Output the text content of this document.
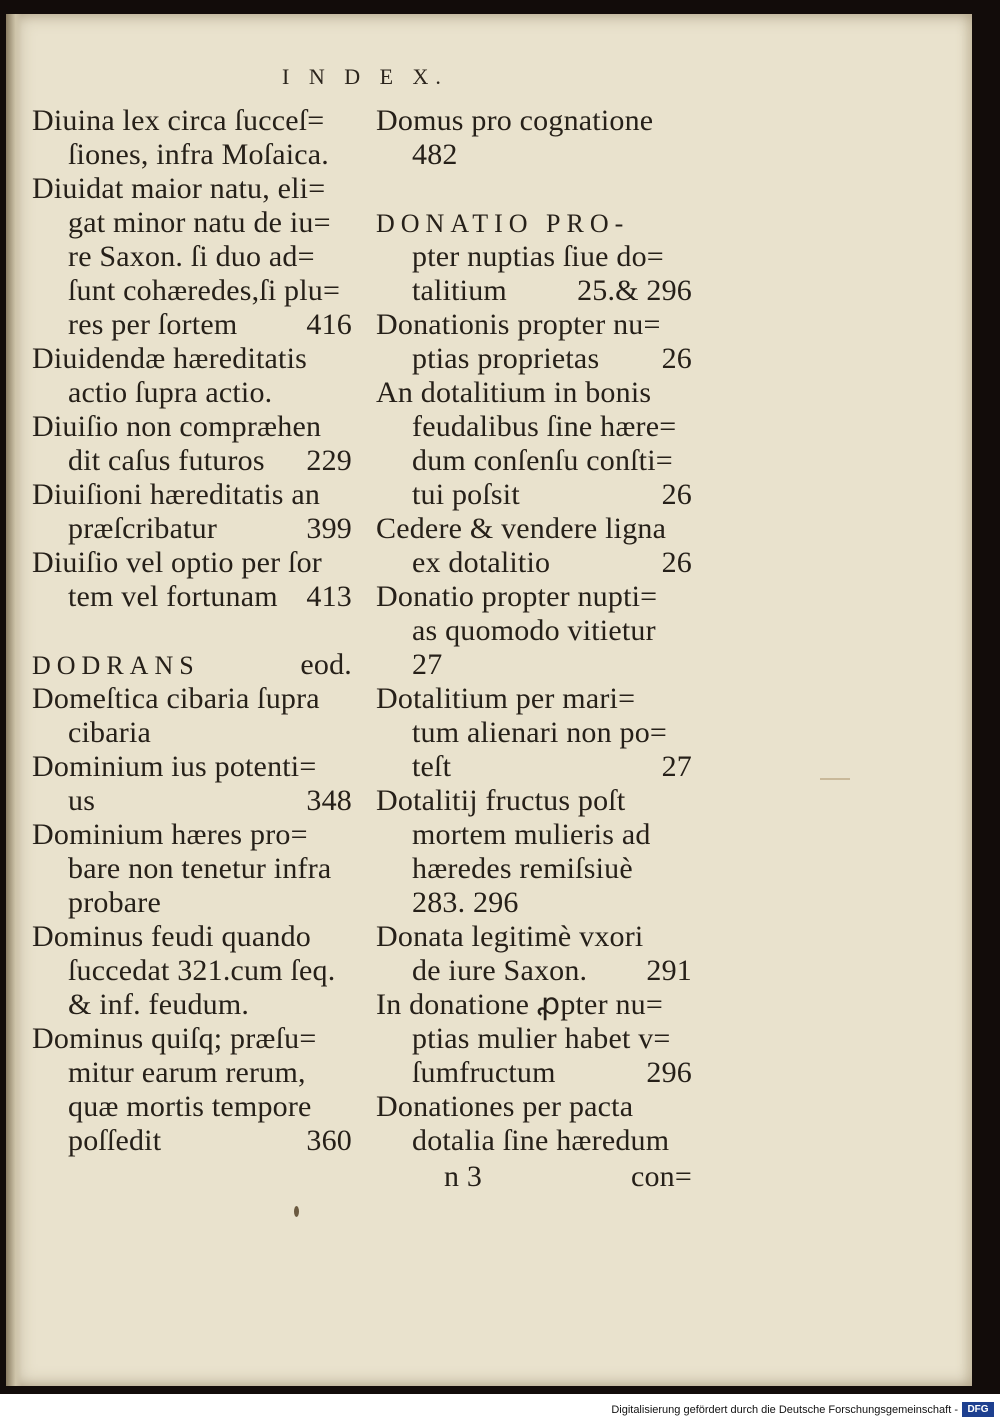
I N D E X.
Diuina lex circa ſucceſ=
ſiones, infra Moſaica.
Diuidat maior natu, eli=
gat minor natu de iu=
re Saxon. ſi duo ad=
ſunt cohæredes,ſi plu=
res per ſortem 416
Diuidendæ hæreditatis
actio ſupra actio.
Diuiſio non compræhen
dit caſus futuros 229
Diuiſioni hæreditatis an
præſcribatur	399
Diuiſio vel optio per ſor
tem vel fortunam 413
DODRANS	eod.
Domeſtica cibaria ſupra
cibaria
Dominium ius potenti=
us	348
Dominium hæres pro=
bare non tenetur infra
probare
Dominus feudi quando
ſuccedat 321.cum ſeq.
& inf. feudum.
Dominus quiſq; præſu=
mitur earum rerum,
quæ mortis tempore
poſſedit	360
Domus pro cognatione
482
DONATIO PRO-
pter nuptias ſiue do=
talitium 25.& 296
Donationis propter nu=
ptias proprietas 26
An dotalitium in bonis
feudalibus ſine hære=
dum conſenſu conſti=
tui poſsit	26
Cedere & vendere ligna
ex dotalitio	26
Donatio propter nupti=
as quomodo vitietur
27
Dotalitium per mari=
tum alienari non po=
teſt	27
Dotalitij fructus poſt
mortem mulieris ad
hæredes remiſsiuè
283. 296
Donata legitimè vxori
de iure Saxon. 291
In donatione ꝓpter nu=
ptias mulier habet v=
ſumfructum	296
Donationes per pacta
dotalia ſine hæredum
n 3	con=
Digitalisierung gefördert durch die Deutsche Forschungsgemeinschaft - DFG
